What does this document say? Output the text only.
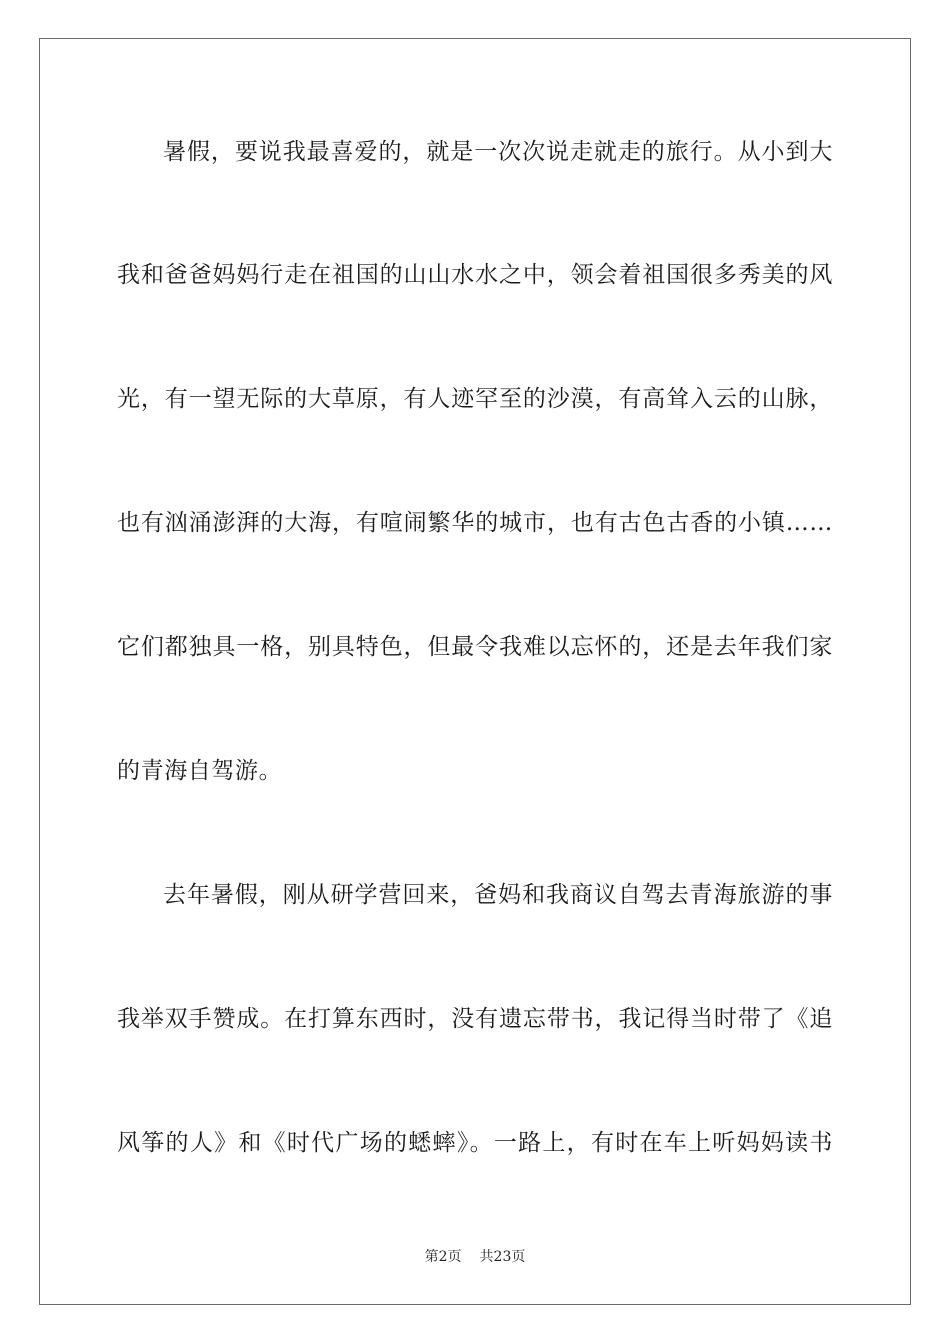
暑假，要说我最喜爱的，就是一次次说走就走的旅行。从小到大
我和爸爸妈妈行走在祖国的山山水水之中，领会着祖国很多秀美的风
光，有一望无际的大草原，有人迹罕至的沙漠，有高耸入云的山脉，
也有汹涌澎湃的大海，有喧闹繁华的城市，也有古色古香的小镇……
它们都独具一格，别具特色，但最令我难以忘怀的，还是去年我们家
的青海自驾游。
去年暑假，刚从研学营回来，爸妈和我商议自驾去青海旅游的事
我举双手赞成。在打算东西时，没有遗忘带书，我记得当时带了《追
风筝的人》和《时代广场的蟋蟀》。一路上，有时在车上听妈妈读书
第2页 共23页
